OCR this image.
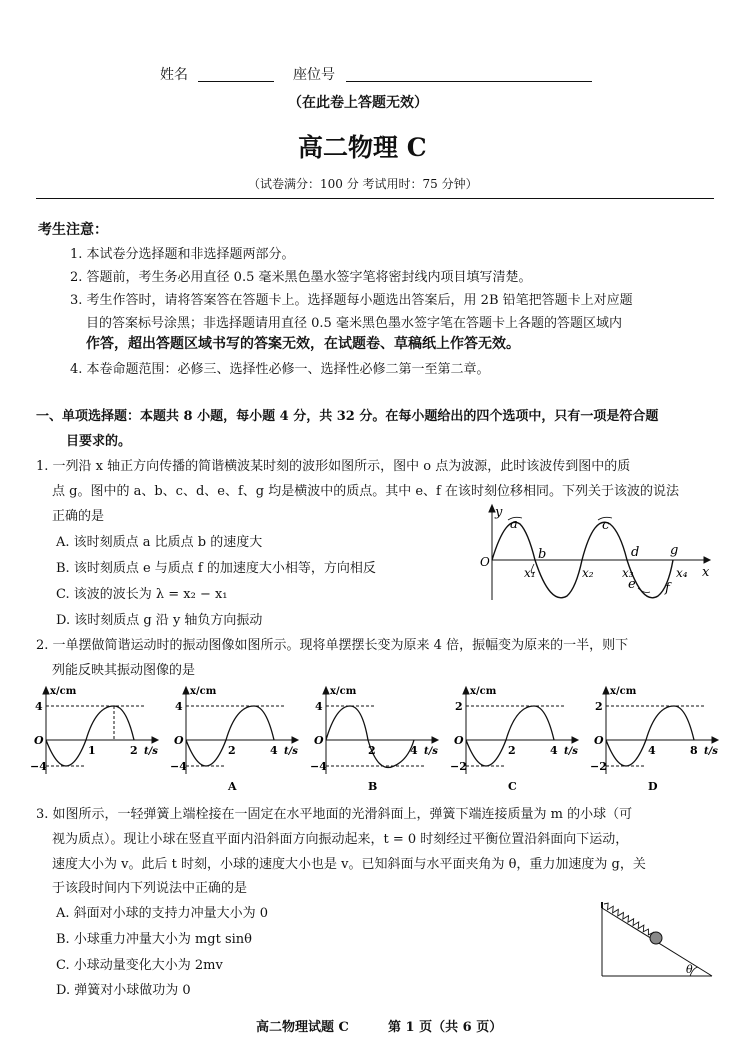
姓名	座位号
（在此卷上答题无效）
高二物理 C
（试卷满分：100 分 考试用时：75 分钟）
考生注意：
1. 本试卷分选择题和非选择题两部分。
2. 答题前，考生务必用直径 0.5 毫米黑色墨水签字笔将密封线内项目填写清楚。
3. 考生作答时，请将答案答在答题卡上。选择题每小题选出答案后，用 2B 铅笔把答题卡上对应题
目的答案标号涂黑；非选择题请用直径 0.5 毫米黑色墨水签字笔在答题卡上各题的答题区域内
作答，超出答题区域书写的答案无效，在试题卷、草稿纸上作答无效。
4. 本卷命题范围：必修三、选择性必修一、选择性必修二第一至第二章。
一、单项选择题：本题共 8 小题，每小题 4 分，共 32 分。在每小题给出的四个选项中，只有一项是符合题
目要求的。
1. 一列沿 x 轴正方向传播的简谐横波某时刻的波形如图所示，图中 o 点为波源，此时该波传到图中的质
点 g。图中的 a、b、c、d、e、f、g 均是横波中的质点。其中 e、f 在该时刻位移相同。下列关于该波的说法
正确的是
A. 该时刻质点 a 比质点 b 的速度大
B. 该时刻质点 e 与质点 f 的加速度大小相等，方向相反
C. 该波的波长为 λ = x₂ − x₁
D. 该时刻质点 g 沿 y 轴负方向振动
y
O
x
a
b
c
d
e f
g
x₁	x₂ x₃	x₄
2. 一单摆做简谐运动时的振动图像如图所示。现将单摆摆长变为原来 4 倍，振幅变为原来的一半，则下
列能反映其振动图像的是
x/cm
4
O
−4
1	2 t/s
x/cm
4
O
−4
2	4 t/s
A
x/cm
4
O
−4
2	4 t/s
B
x/cm
2
O
−2
2	4 t/s
C
x/cm
2
O
−2
4	8 t/s
D
3. 如图所示，一轻弹簧上端栓接在一固定在水平地面的光滑斜面上，弹簧下端连接质量为 m 的小球（可
视为质点）。现让小球在竖直平面内沿斜面方向振动起来，t = 0 时刻经过平衡位置沿斜面向下运动，
速度大小为 v。此后 t 时刻，小球的速度大小也是 v。已知斜面与水平面夹角为 θ，重力加速度为 g，关
于该段时间内下列说法中正确的是
A. 斜面对小球的支持力冲量大小为 0
B. 小球重力冲量大小为 mgt sinθ
C. 小球动量变化大小为 2mv
D. 弹簧对小球做功为 0
θ
高二物理试题 C	第 1 页（共 6 页）
